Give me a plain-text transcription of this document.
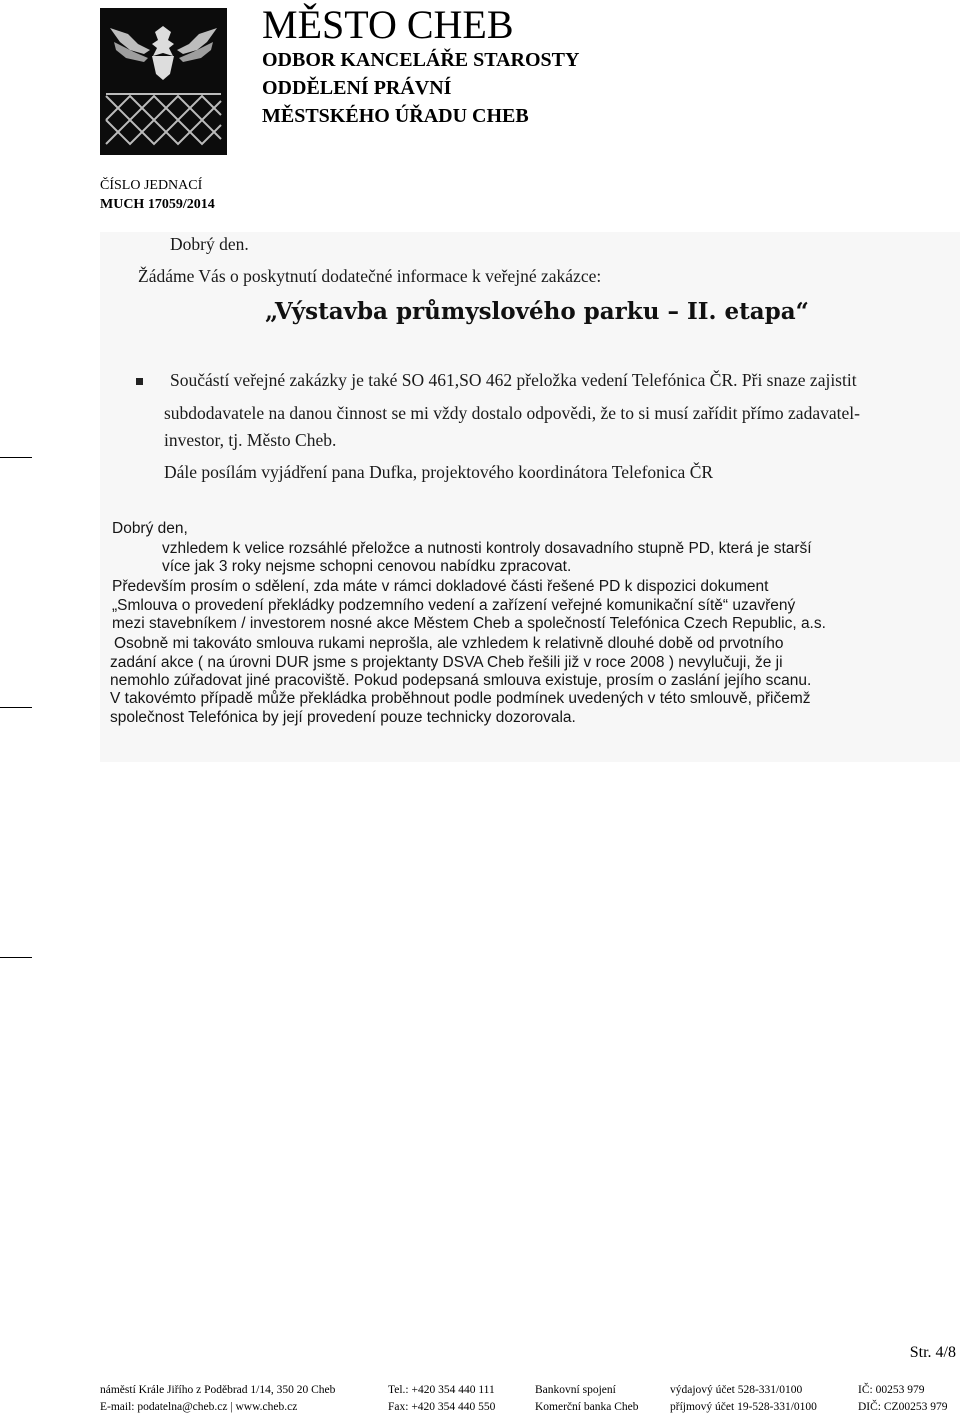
MĚSTO CHEB
ODBOR KANCELÁŘE STAROSTY
ODDĚLENÍ PRÁVNÍ
MĚSTSKÉHO ÚŘADU CHEB
ČÍSLO JEDNACÍ
MUCH 17059/2014
Dobrý den.
Žádáme Vás o poskytnutí dodatečné informace k veřejné zakázce:
„Výstavba průmyslového parku – II. etapa“
Součástí veřejné zakázky je také SO 461,SO 462 přeložka vedení Telefónica ČR. Při snaze zajistit
subdodavatele na danou činnost se mi vždy dostalo odpovědi, že to si musí zařídit přímo zadavatel-
investor, tj. Město Cheb.
Dále posílám vyjádření pana Dufka, projektového koordinátora Telefonica ČR
Dobrý den,
vzhledem k velice rozsáhlé přeložce a nutnosti kontroly dosavadního stupně PD, která je starší
více jak 3 roky nejsme schopni cenovou nabídku zpracovat.
Především prosím o sdělení, zda máte v rámci dokladové části řešené PD k dispozici dokument
„Smlouva o provedení překládky podzemního vedení a zařízení veřejné komunikační sítě“ uzavřený
mezi stavebníkem / investorem nosné akce Městem Cheb a společností Telefónica Czech Republic, a.s.
Osobně mi takováto smlouva rukami neprošla, ale vzhledem k relativně dlouhé době od prvotního
zadání akce ( na úrovni DUR jsme s projektanty DSVA Cheb řešili již v roce 2008 ) nevylučuji, že ji
nemohlo zúřadovat jiné pracoviště. Pokud podepsaná smlouva existuje, prosím o zaslání jejího scanu.
V takovémto případě může překládka proběhnout podle podmínek uvedených v této smlouvě, přičemž
společnost Telefónica by její provedení pouze technicky dozorovala.
Str. 4/8
náměstí Krále Jiřího z Poděbrad 1/14, 350 20 Cheb
E-mail: podatelna@cheb.cz | www.cheb.cz
Tel.: +420 354 440 111
Fax: +420 354 440 550
Bankovní spojení
Komerční banka Cheb
výdajový účet 528-331/0100
příjmový účet 19-528-331/0100
IČ: 00253 979
DIČ: CZ00253 979
